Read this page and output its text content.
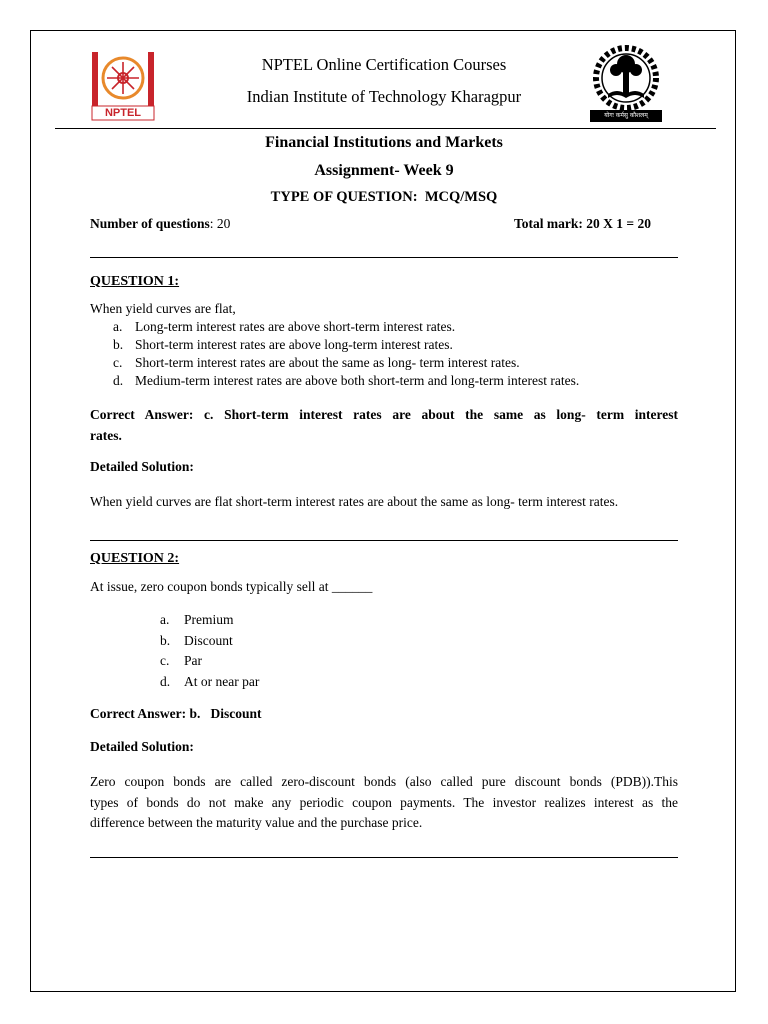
NPTEL
NPTEL Online Certification Courses
Indian Institute of Technology Kharagpur
योगः कर्मसु कौशलम्
Financial Institutions and Markets
Assignment- Week 9
TYPE OF QUESTION:  MCQ/MSQ
Number of questions: 20	Total mark: 20 X 1 = 20
QUESTION 1:
When yield curves are flat,
a. Long-term interest rates are above short-term interest rates.
b. Short-term interest rates are above long-term interest rates.
c. Short-term interest rates are about the same as long- term interest rates.
d. Medium-term interest rates are above both short-term and long-term interest rates.
Correct Answer: c. Short-term interest rates are about the same as long- term interest
rates.
Detailed Solution:
When yield curves are flat short-term interest rates are about the same as long- term interest rates.
QUESTION 2:
At issue, zero coupon bonds typically sell at ______
a. Premium
b. Discount
c. Par
d. At or near par
Correct Answer: b.   Discount
Detailed Solution:
Zero coupon bonds are called zero-discount bonds (also called pure discount bonds (PDB)).This
types of bonds do not make any periodic coupon payments. The investor realizes interest as the
difference between the maturity value and the purchase price.
